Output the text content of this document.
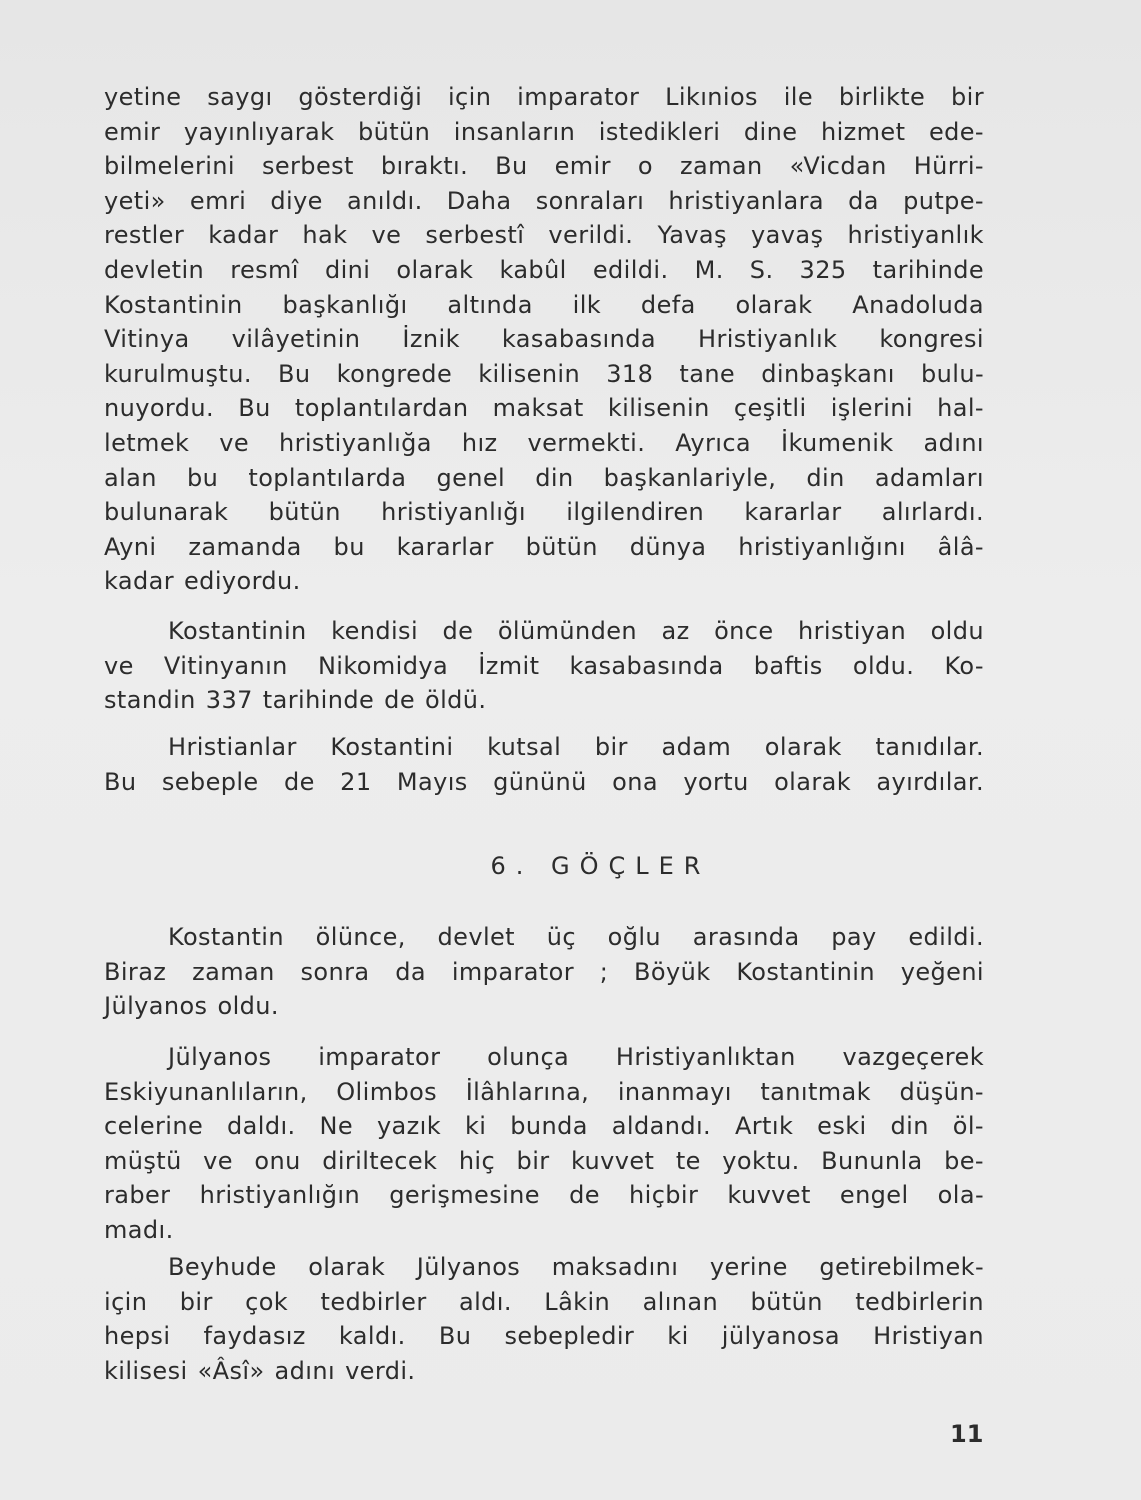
yetine saygı gösterdiği için imparator Likınios ile birlikte bir
emir yayınlıyarak bütün insanların istedikleri dine hizmet ede-
bilmelerini serbest bıraktı. Bu emir o zaman «Vicdan Hürri-
yeti» emri diye anıldı. Daha sonraları hristiyanlara da putpe-
restler kadar hak ve serbestî verildi. Yavaş yavaş hristiyanlık
devletin resmî dini olarak kabûl edildi. M. S. 325 tarihinde
Kostantinin başkanlığı altında ilk defa olarak Anadoluda
Vitinya vilâyetinin İznik kasabasında Hristiyanlık kongresi
kurulmuştu. Bu kongrede kilisenin 318 tane dinbaşkanı bulu-
nuyordu. Bu toplantılardan maksat kilisenin çeşitli işlerini hal-
letmek ve hristiyanlığa hız vermekti. Ayrıca İkumenik adını
alan bu toplantılarda genel din başkanlariyle, din adamları
bulunarak bütün hristiyanlığı ilgilendiren kararlar alırlardı.
Ayni zamanda bu kararlar bütün dünya hristiyanlığını âlâ-
kadar ediyordu.
Kostantinin kendisi de ölümünden az önce hristiyan oldu
ve Vitinyanın Nikomidya İzmit kasabasında baftis oldu. Ko-
standin 337 tarihinde de öldü.
Hristianlar Kostantini kutsal bir adam olarak tanıdılar.
Bu sebeple de 21 Mayıs gününü ona yortu olarak ayırdılar.
6. GÖÇLER
Kostantin ölünce, devlet üç oğlu arasında pay edildi.
Biraz zaman sonra da imparator ; Böyük Kostantinin yeğeni
Jülyanos oldu.
Jülyanos imparator olunça Hristiyanlıktan vazgeçerek
Eskiyunanlıların, Olimbos İlâhlarına, inanmayı tanıtmak düşün-
celerine daldı. Ne yazık ki bunda aldandı. Artık eski din öl-
müştü ve onu diriltecek hiç bir kuvvet te yoktu. Bununla be-
raber hristiyanlığın gerişmesine de hiçbir kuvvet engel ola-
madı.
Beyhude olarak Jülyanos maksadını yerine getirebilmek-
için bir çok tedbirler aldı. Lâkin alınan bütün tedbirlerin
hepsi faydasız kaldı. Bu sebepledir ki jülyanosa Hristiyan
kilisesi «Âsî» adını verdi.
11
